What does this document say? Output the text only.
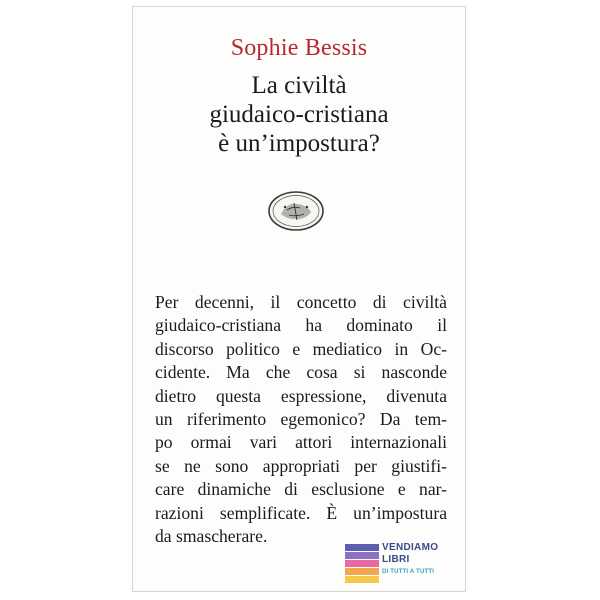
Sophie Bessis
La civiltà
giudaico-cristiana
è un’impostura?
Per decenni, il concetto di civiltà
giudaico-cristiana ha dominato il
discorso politico e mediatico in Oc-
cidente. Ma che cosa si nasconde
dietro questa espressione, divenuta
un riferimento egemonico? Da tem-
po ormai vari attori internazionali
se ne sono appropriati per giustifi-
care dinamiche di esclusione e nar-
razioni semplificate. È un’impostura
da smascherare.
VENDIAMO
LIBRI
DI TUTTI A TUTTI
